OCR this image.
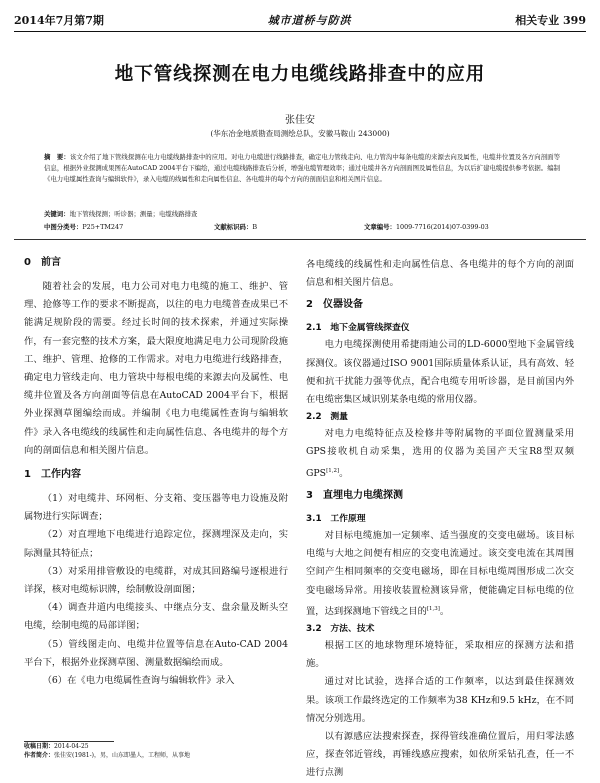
2014年7月第7期	城市道桥与防洪	相关专业 399
地下管线探测在电力电缆线路排查中的应用
张佳安
(华东冶金地质勘查局测绘总队，安徽马鞍山 243000)
摘　要：该文介绍了地下管线探测在电力电缆线路排查中的应用。对电力电缆进行线路排查，确定电力管线走向、电力管沟中每条电缆的来源去向及属性，电缆井位置及各方向剖面等信息，根据外业探测成果图在AutoCAD 2004平台下编绘，通过电缆线路排查后分析，增强电缆管理效率；通过电缆井各方向剖面图及属性信息，为以后扩建电缆提供参考依据。编制《电力电缆属性查询与编辑软件》，录入电缆的线属性和走向属性信息、各电缆井的每个方向的剖面信息和相关图片信息。
关键词：地下管线探测；听诊器；测量；电缆线路排查
中图分类号：P25+TM247	文献标识码：B	文章编号：1009-7716(2014)07-0399-03
0　前言

随着社会的发展，电力公司对电力电缆的施工、维护、管理、抢修等工作的要求不断提高，以往的电力电缆普查成果已不能满足规阶段的需要。经过长时间的技术探索，并通过实际操作，有一套完整的技术方案，最大限度地满足电力公司现阶段施工、维护、管理、抢修的工作需求。对电力电缆进行线路排查，确定电力管线走向、电力管块中每根电缆的来源去向及属性、电缆井位置及各方向剖面等信息在AutoCAD 2004平台下，根据外业探测草图编绘而成。并编制《电力电缆属性查询与编辑软件》录入各电缆线的线属性和走向属性信息、各电缆井的每个方向的剖面信息和相关图片信息。

1　工作内容

（1）对电缆井、环网柜、分支箱、变压器等电力设施及附属物进行实际调查；

（2）对直埋地下电缆进行追踪定位，探测埋深及走向，实际测量其特征点；

（3）对采用排管敷设的电缆群，对成其回路编号逐根进行详探，核对电缆标识牌，绘制敷设剖面图；

（4）调查井道内电缆接头、中继点分支、盘余量及断头空电缆，绘制电缆的局部详图；

（5）管线图走向、电缆井位置等信息在Auto-CAD 2004平台下，根据外业探测草图、测量数据编绘而成。

（6）在《电力电缆属性查询与编辑软件》录入

各电缆线的线属性和走向属性信息、各电缆井的每个方向的剖面信息和相关图片信息。

2　仪器设备
2.1　地下金属管线探查仪

电力电缆探测使用希捷雨迪公司的LD-6000型地下金属管线探测仪。该仪器通过ISO 9001国际质量体系认证，具有高效、轻便和抗干扰能力强等优点，配合电缆专用听诊器，是目前国内外在电缆密集区域识别某条电缆的常用仪器。

2.2　测量

对电力电缆特征点及检修井等附属物的平面位置测量采用GPS接收机自动采集，选用的仪器为美国产天宝R8型双频GPS[1,2]。

3　直埋电力电缆探测
3.1　工作原理

对目标电缆施加一定频率、适当强度的交变电磁场。该目标电缆与大地之间便有相应的交变电流通过。该交变电流在其周围空间产生相同频率的交变电磁场，即在目标电缆周围形成二次交变电磁场异常。用接收装置检测该异常，便能确定目标电缆的位置，达到探测地下管线之目的[1,3]。

3.2　方法、技术

根据工区的地球物理环境特征，采取相应的探测方法和措施。

通过对比试验，选择合适的工作频率，以达到最佳探测效果。该项工作最终选定的工作频率为38 KHz和9.5 kHz，在不同情况分别选用。

以有源感应法搜索探查，探得管线准确位置后，用归零法感应，探查邻近管线，再锤线感应搜索，如依所采钻孔查，任一不进行点测

收稿日期：2014-04-25
作者简介：张佳安(1981-)，男，山东即墨人，工程师，从事地
